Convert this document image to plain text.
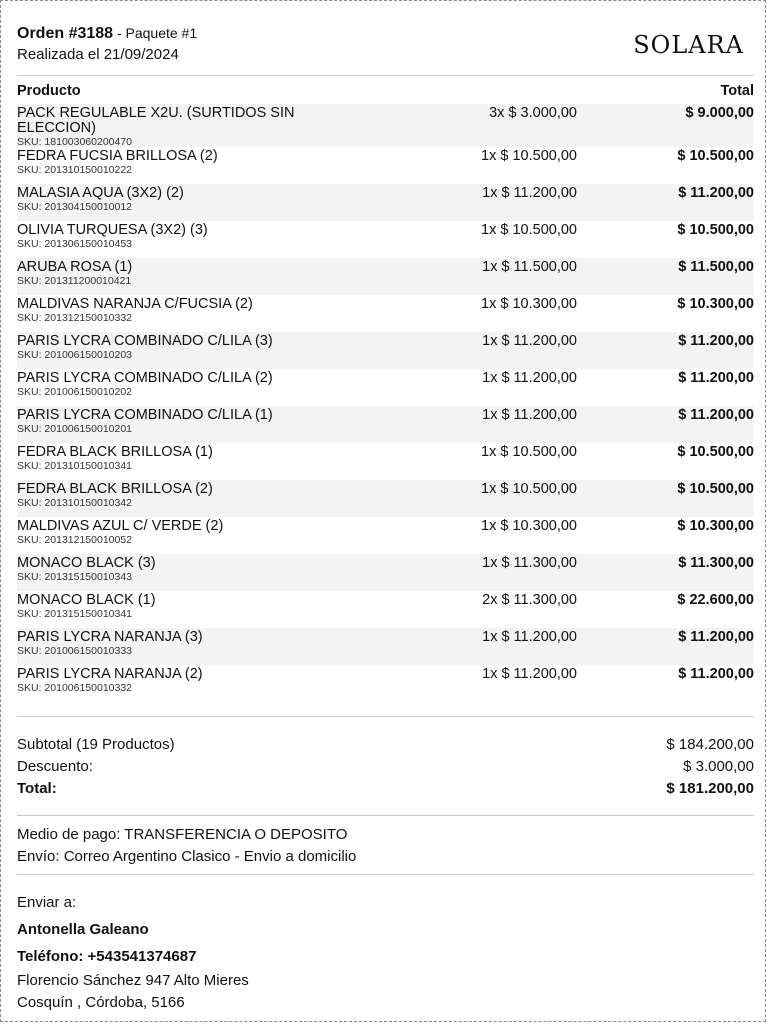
Orden #3188 - Paquete #1
Realizada el 21/09/2024	SOLARA
Producto	Total
PACK REGULABLE X2U. (SURTIDOS SIN ELECCION)
SKU: 181003060200470
3x $ 3.000,00	$ 9.000,00
FEDRA FUCSIA BRILLOSA (2)
SKU: 201310150010222
1x $ 10.500,00	$ 10.500,00
MALASIA AQUA (3X2) (2)
SKU: 201304150010012
1x $ 11.200,00	$ 11.200,00
OLIVIA TURQUESA (3X2) (3)
SKU: 201306150010453
1x $ 10.500,00	$ 10.500,00
ARUBA ROSA (1)
SKU: 201311200010421
1x $ 11.500,00	$ 11.500,00
MALDIVAS NARANJA C/FUCSIA (2)
SKU: 201312150010332
1x $ 10.300,00	$ 10.300,00
PARIS LYCRA COMBINADO C/LILA (3)
SKU: 201006150010203
1x $ 11.200,00	$ 11.200,00
PARIS LYCRA COMBINADO C/LILA (2)
SKU: 201006150010202
1x $ 11.200,00	$ 11.200,00
PARIS LYCRA COMBINADO C/LILA (1)
SKU: 201006150010201
1x $ 11.200,00	$ 11.200,00
FEDRA BLACK BRILLOSA (1)
SKU: 201310150010341
1x $ 10.500,00	$ 10.500,00
FEDRA BLACK BRILLOSA (2)
SKU: 201310150010342
1x $ 10.500,00	$ 10.500,00
MALDIVAS AZUL C/ VERDE (2)
SKU: 201312150010052
1x $ 10.300,00	$ 10.300,00
MONACO BLACK (3)
SKU: 201315150010343
1x $ 11.300,00	$ 11.300,00
MONACO BLACK (1)
SKU: 201315150010341
2x $ 11.300,00	$ 22.600,00
PARIS LYCRA NARANJA (3)
SKU: 201006150010333
1x $ 11.200,00	$ 11.200,00
PARIS LYCRA NARANJA (2)
SKU: 201006150010332
1x $ 11.200,00	$ 11.200,00
Subtotal (19 Productos)	$ 184.200,00
Descuento:	$ 3.000,00
Total:	$ 181.200,00
Medio de pago: TRANSFERENCIA O DEPOSITO
Envío: Correo Argentino Clasico - Envio a domicilio
Enviar a:
Antonella Galeano
Teléfono: +543541374687
Florencio Sánchez 947 Alto Mieres
Cosquín , Córdoba, 5166
